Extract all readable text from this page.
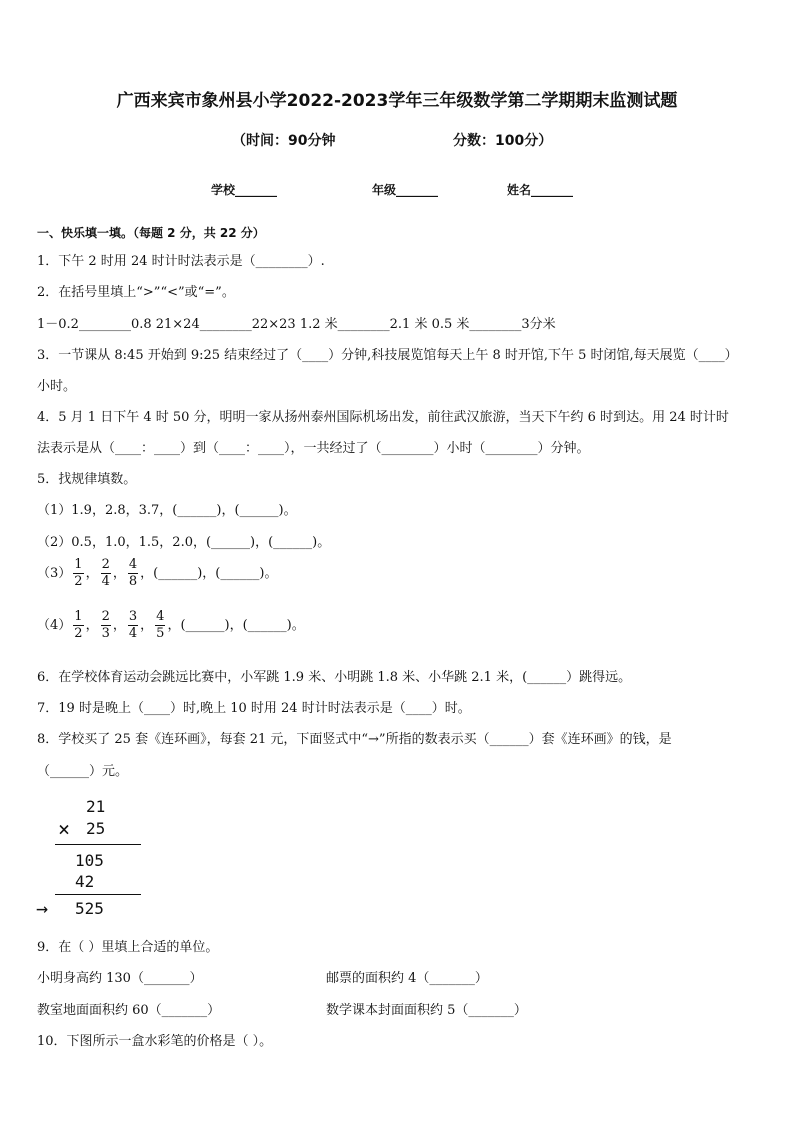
广西来宾市象州县小学2022-2023学年三年级数学第二学期期末监测试题
（时间：90分钟	分数：100分）
学校_______	年级_______	姓名_______
一、快乐填一填。（每题 2 分，共 22 分）
1．下午 2 时用 24 时计时法表示是（________）.
2．在括号里填上“>”“<”或“=”。
1－0.2________0.8 21×24________22×23 1.2 米________2.1 米 0.5 米________3分米
3．一节课从 8:45 开始到 9:25 结束经过了（____）分钟,科技展览馆每天上午 8 时开馆,下午 5 时闭馆,每天展览（____）
小时。
4．5 月 1 日下午 4 时 50 分，明明一家从扬州泰州国际机场出发，前往武汉旅游，当天下午约 6 时到达。用 24 时计时
法表示是从（____：____）到（____：____），一共经过了（________）小时（________）分钟。
5．找规律填数。
（1）1.9，2.8，3.7，(______)，(______)。
（2）0.5，1.0，1.5，2.0，(______)，(______)。
$(3) \frac{1}{2}$ ， $\frac{2}{4}$ ， $\frac{4}{8}$ ，(______)，(______)。
$(4) \frac{1}{2}$ ， $\frac{2}{3}$ ， $\frac{3}{4}$ ， $\frac{4}{5}$ ，(______)，(______)。
6．在学校体育运动会跳远比赛中，小军跳 1.9 米、小明跳 1.8 米、小华跳 2.1 米，(______）跳得远。
7．19 时是晚上（____）时,晚上 10 时用 24 时计时法表示是（____）时。
8．学校买了 25 套《连环画》，每套 21 元，下面竖式中“→”所指的数表示买（______）套《连环画》的钱，是
（______）元。
21
× 25
105
42
→ 525
9．在（ ）里填上合适的单位。
小明身高约 130（_______）	邮票的面积约 4（_______）
教室地面面积约 60（_______）	数学课本封面面积约 5（_______）
10．下图所示一盒水彩笔的价格是（ ）。
